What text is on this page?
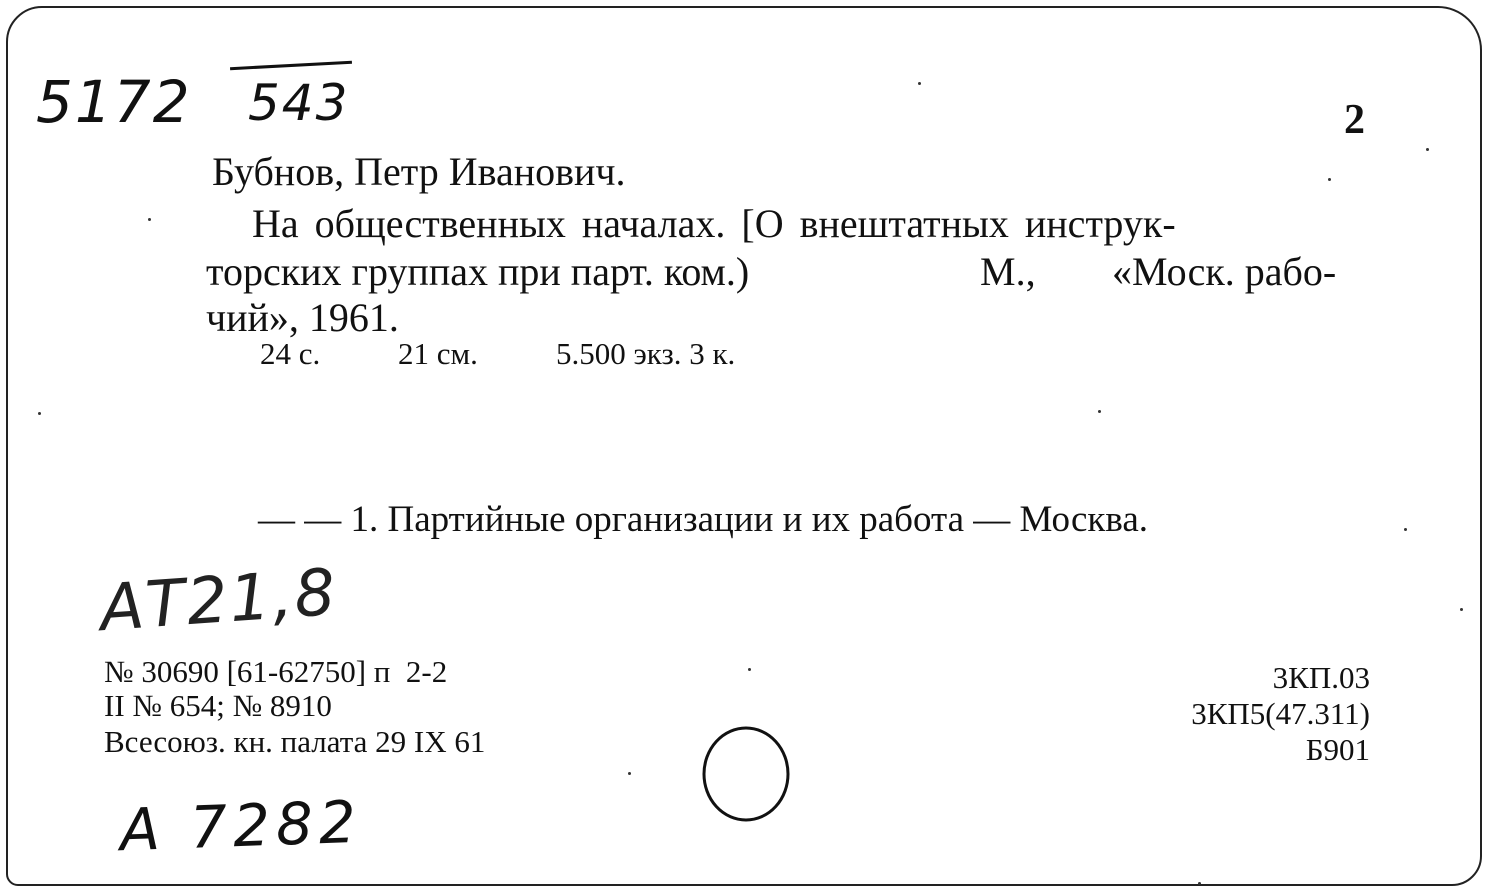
5172 543	2
Бубнов, Петр Иванович.
На общественных началах. [О внештатных инструк-
торских группах при парт. ком.)	М., «Моск. рабо-
чий», 1961.
24 с.	21 см.	5.500 экз. 3 к.
— — 1. Партийные организации и их работа — Москва.
АТ21,8
№ 30690 [61-62750] п  2-2
II № 654; № 8910
Всесоюз. кн. палата 29 IX 61
3КП.03
3КП5(47.311)
Б901
А 7282
